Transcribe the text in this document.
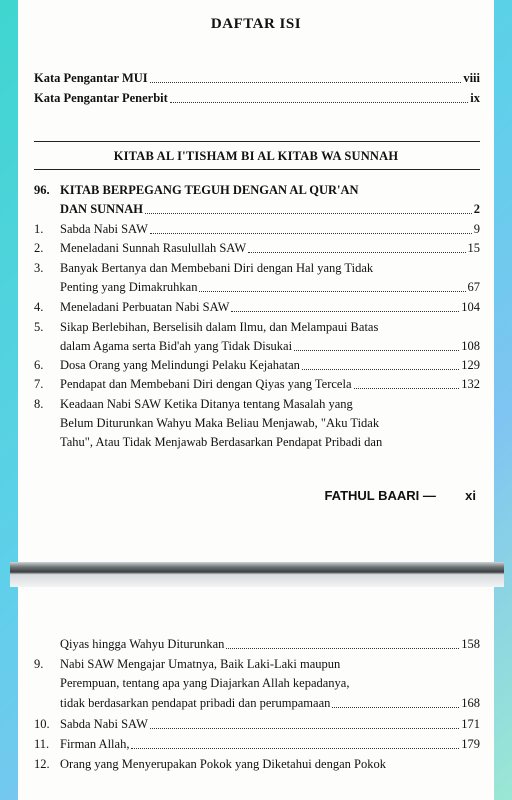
DAFTAR ISI
Kata Pengantar MUI	viii
Kata Pengantar Penerbit	ix
KITAB AL I'TISHAM BI AL KITAB WA SUNNAH
96. KITAB BERPEGANG TEGUH DENGAN AL QUR'AN
DAN SUNNAH	2
1. Sabda Nabi SAW	9
2. Meneladani Sunnah Rasulullah SAW	15
3. Banyak Bertanya dan Membebani Diri dengan Hal yang Tidak
Penting yang Dimakruhkan	67
4. Meneladani Perbuatan Nabi SAW	104
5. Sikap Berlebihan, Berselisih dalam Ilmu, dan Melampaui Batas
dalam Agama serta Bid'ah yang Tidak Disukai	108
6. Dosa Orang yang Melindungi Pelaku Kejahatan	129
7. Pendapat dan Membebani Diri dengan Qiyas yang Tercela	132
8. Keadaan Nabi SAW Ketika Ditanya tentang Masalah yang
Belum Diturunkan Wahyu Maka Beliau Menjawab, "Aku Tidak
Tahu", Atau Tidak Menjawab Berdasarkan Pendapat Pribadi dan
FATHUL BAARI — xi
Qiyas hingga Wahyu Diturunkan	158
9. Nabi SAW Mengajar Umatnya, Baik Laki-Laki maupun
Perempuan, tentang apa yang Diajarkan Allah kepadanya,
tidak berdasarkan pendapat pribadi dan perumpamaan	168
10. Sabda Nabi SAW	171
11. Firman Allah,	179
12. Orang yang Menyerupakan Pokok yang Diketahui dengan Pokok
